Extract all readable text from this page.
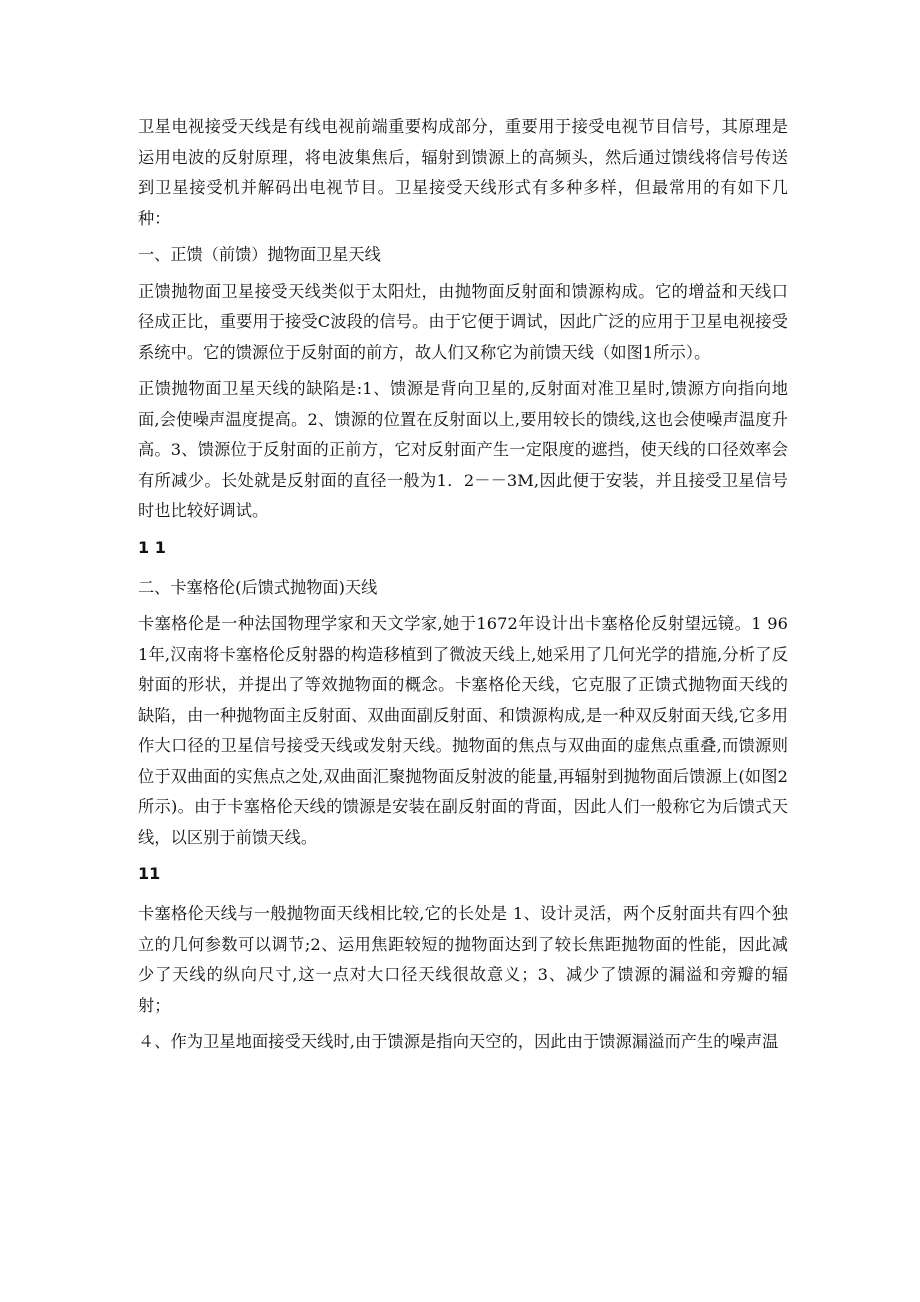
卫星电视接受天线是有线电视前端重要构成部分，重要用于接受电视节目信号，其原理是运用电波的反射原理，将电波集焦后，辐射到馈源上的高频头，然后通过馈线将信号传送到卫星接受机并解码出电视节目。卫星接受天线形式有多种多样，但最常用的有如下几种：

一、正馈（前馈）抛物面卫星天线

正馈抛物面卫星接受天线类似于太阳灶，由抛物面反射面和馈源构成。它的增益和天线口径成正比，重要用于接受C波段的信号。由于它便于调试，因此广泛的应用于卫星电视接受系统中。它的馈源位于反射面的前方，故人们又称它为前馈天线（如图1所示）。

正馈抛物面卫星天线的缺陷是:1、馈源是背向卫星的,反射面对准卫星时,馈源方向指向地面,会使噪声温度提高。2、馈源的位置在反射面以上,要用较长的馈线,这也会使噪声温度升高。3、馈源位于反射面的正前方，它对反射面产生一定限度的遮挡，使天线的口径效率会有所减少。长处就是反射面的直径一般为1．2－－3M,因此便于安装，并且接受卫星信号时也比较好调试。

1 1

二、卡塞格伦(后馈式抛物面)天线

卡塞格伦是一种法国物理学家和天文学家,她于1672年设计出卡塞格伦反射望远镜。1 96 1年,汉南将卡塞格伦反射器的构造移植到了微波天线上,她采用了几何光学的措施,分析了反射面的形状，并提出了等效抛物面的概念。卡塞格伦天线，它克服了正馈式抛物面天线的缺陷，由一种抛物面主反射面、双曲面副反射面、和馈源构成,是一种双反射面天线,它多用作大口径的卫星信号接受天线或发射天线。抛物面的焦点与双曲面的虚焦点重叠,而馈源则位于双曲面的实焦点之处,双曲面汇聚抛物面反射波的能量,再辐射到抛物面后馈源上(如图2所示)。由于卡塞格伦天线的馈源是安装在副反射面的背面，因此人们一般称它为后馈式天线，以区别于前馈天线。

11

卡塞格伦天线与一般抛物面天线相比较,它的长处是 1、设计灵活，两个反射面共有四个独立的几何参数可以调节;2、运用焦距较短的抛物面达到了较长焦距抛物面的性能，因此减少了天线的纵向尺寸,这一点对大口径天线很故意义；3、减少了馈源的漏溢和旁瓣的辐射；

４、作为卫星地面接受天线时,由于馈源是指向天空的，因此由于馈源漏溢而产生的噪声温
